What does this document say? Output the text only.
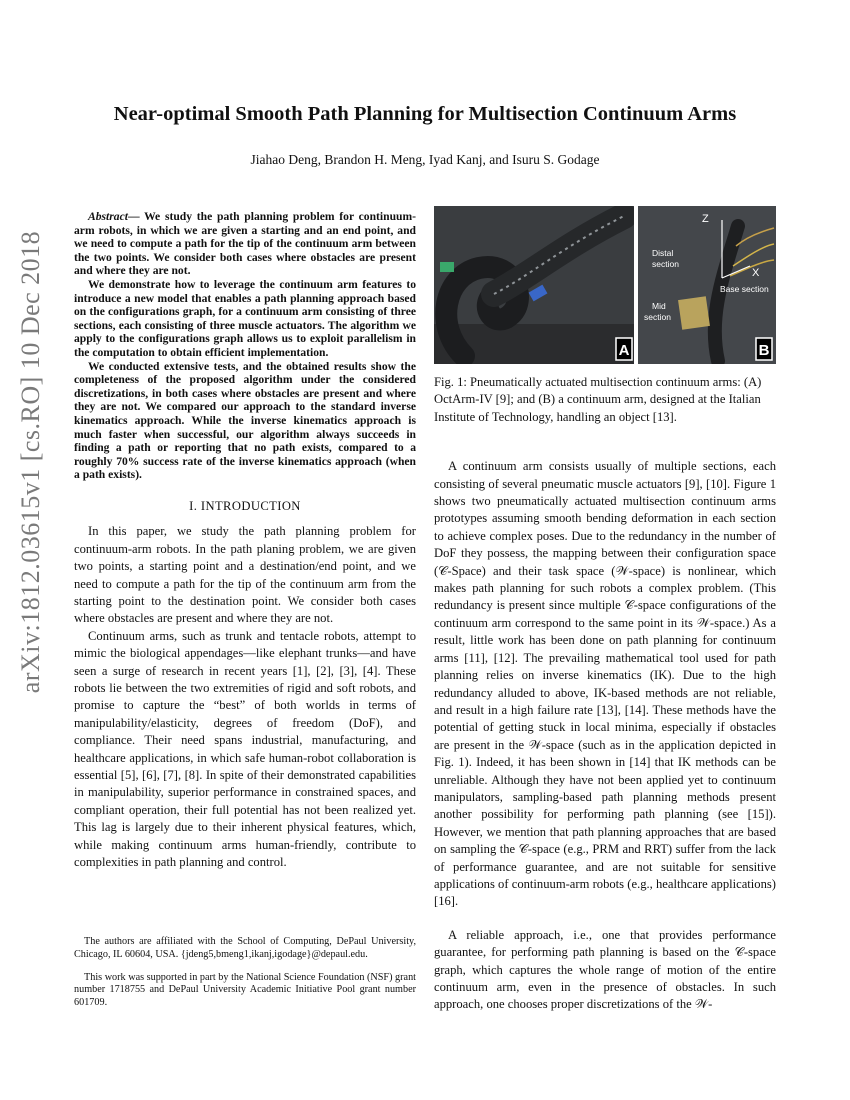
arXiv:1812.03615v1 [cs.RO] 10 Dec 2018
Near-optimal Smooth Path Planning for Multisection Continuum Arms
Jiahao Deng, Brandon H. Meng, Iyad Kanj, and Isuru S. Godage

Abstract— We study the path planning problem for continuum-arm robots, in which we are given a starting and an end point, and we need to compute a path for the tip of the continuum arm between the two points. We consider both cases where obstacles are present and where they are not.

We demonstrate how to leverage the continuum arm features to introduce a new model that enables a path planning approach based on the configurations graph, for a continuum arm consisting of three sections, each consisting of three muscle actuators. The algorithm we apply to the configurations graph allows us to exploit parallelism in the computation to obtain efficient implementation.

We conducted extensive tests, and the obtained results show the completeness of the proposed algorithm under the considered discretizations, in both cases where obstacles are present and where they are not. We compared our approach to the standard inverse kinematics approach. While the inverse kinematics approach is much faster when successful, our algorithm always succeeds in finding a path or reporting that no path exists, compared to a roughly 70% success rate of the inverse kinematics approach (when a path exists).

I. INTRODUCTION

In this paper, we study the path planning problem for continuum-arm robots. In the path planing problem, we are given two points, a starting point and a destination/end point, and we need to compute a path for the tip of the continuum arm from the starting point to the destination point. We consider both cases where obstacles are present and where they are not.

Continuum arms, such as trunk and tentacle robots, attempt to mimic the biological appendages—like elephant trunks—and have seen a surge of research in recent years [1], [2], [3], [4]. These robots lie between the two extremities of rigid and soft robots, and promise to capture the “best” of both worlds in terms of manipulability/elasticity, degrees of freedom (DoF), and compliance. Their need spans industrial, manufacturing, and healthcare applications, in which safe human-robot collaboration is essential [5], [6], [7], [8]. In spite of their demonstrated capabilities in manipulability, superior performance in constrained spaces, and compliant operation, their full potential has not been realized yet. This lag is largely due to their inherent physical features, which, while making continuum arms human-friendly, contribute to complexities in path planning and control.

The authors are affiliated with the School of Computing, DePaul University, Chicago, IL 60604, USA. {jdeng5,bmeng1,ikanj,igodage}@depaul.edu.

This work was supported in part by the National Science Foundation (NSF) grant number 1718755 and DePaul University Academic Initiative Pool grant number 601709.

A
Z
X
Distal
section
Base section
Mid
section
B

Fig. 1: Pneumatically actuated multisection continuum arms: (A) OctArm-IV [9]; and (B) a continuum arm, designed at the Italian Institute of Technology, handling an object [13].

A continuum arm consists usually of multiple sections, each consisting of several pneumatic muscle actuators [9], [10]. Figure 1 shows two pneumatically actuated multisection continuum arms prototypes assuming smooth bending deformation in each section to achieve complex poses. Due to the redundancy in the number of DoF they possess, the mapping between their configuration space (𝒞-Space) and their task space (𝒲-space) is nonlinear, which makes path planning for such robots a complex problem. (This redundancy is present since multiple 𝒞-space configurations of the continuum arm correspond to the same point in its 𝒲-space.) As a result, little work has been done on path planning for continuum arms [11], [12]. The prevailing mathematical tool used for path planning relies on inverse kinematics (IK). Due to the high redundancy alluded to above, IK-based methods are not reliable, and result in a high failure rate [13], [14]. These methods have the potential of getting stuck in local minima, especially if obstacles are present in the 𝒲-space (such as in the application depicted in Fig. 1). Indeed, it has been shown in [14] that IK methods can be unreliable. Although they have not been applied yet to continuum manipulators, sampling-based path planning methods present another possibility for performing path planning (see [15]). However, we mention that path planning approaches that are based on sampling the 𝒞-space (e.g., PRM and RRT) suffer from the lack of performance guarantee, and are not suitable for sensitive applications of continuum-arm robots (e.g., healthcare applications) [16].

A reliable approach, i.e., one that provides performance guarantee, for performing path planning is based on the 𝒞-space graph, which captures the whole range of motion of the entire continuum arm, even in the presence of obstacles. In such approach, one chooses proper discretizations of the 𝒲-
